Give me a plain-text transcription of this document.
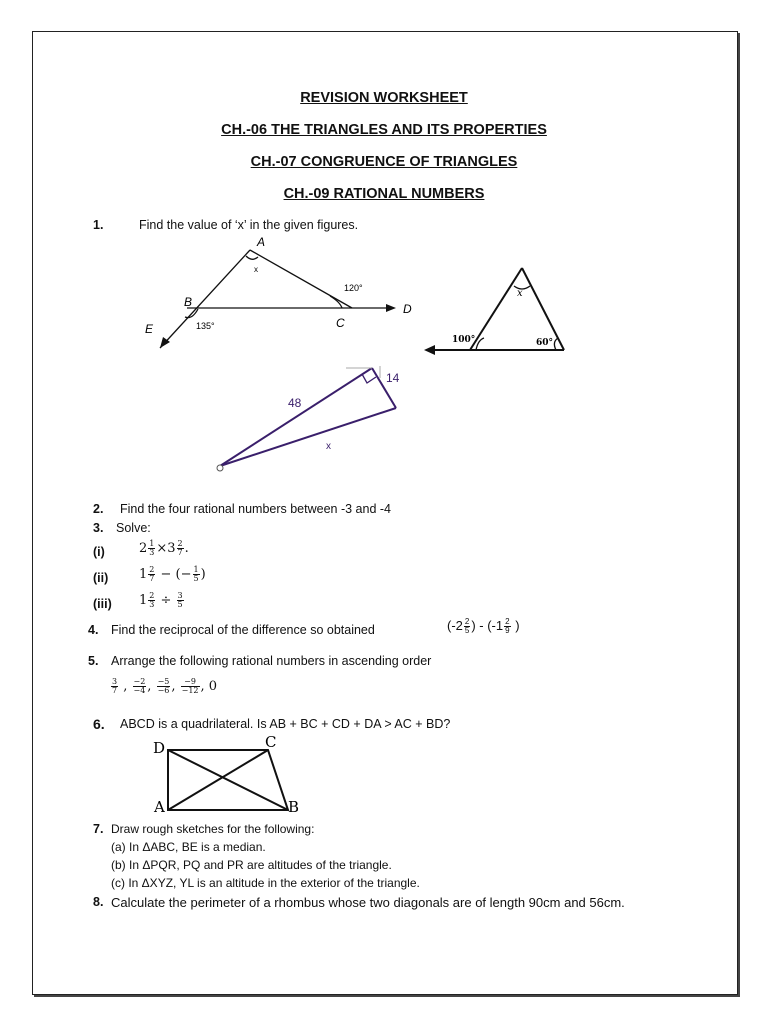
REVISION WORKSHEET
CH.-06 THE TRIANGLES AND ITS PROPERTIES
CH.-07 CONGRUENCE OF TRIANGLES
CH.-09 RATIONAL NUMBERS
1.	Find the value of ‘x’ in the given figures.
A
B
C
D
E
x
120°
135°
x
100°	60°
48
14
x
2. Find the four rational numbers between -3 and -4
3. Solve:
(i)	$2 \frac{1}{3} \times 3 \frac{2}{7}$ .
(ii) $1 \frac{2}{7}$ − (− $\frac{1}{5}$ )
(iii) $1 \frac{2}{3} \div \frac{3}{5}$
4. Find the reciprocal of the difference so obtained	($-2 \frac{2}{5}$ ) - ($-1 \frac{2}{9}$ )
5. Arrange the following rational numbers in ascending order
$\frac{3}{7}$ , $\frac{-2}{-4}$ , $\frac{-5}{-6}$ , $\frac{-9}{-12}$ , 0
6. ABCD is a quadrilateral. Is AB + BC + CD + DA > AC + BD?
D	C
A	B
7. Draw rough sketches for the following:
(a) In ΔABC, BE is a median.
(b) In ΔPQR, PQ and PR are altitudes of the triangle.
(c) In ΔXYZ, YL is an altitude in the exterior of the triangle.
8. Calculate the perimeter of a rhombus whose two diagonals are of length 90cm and 56cm.
